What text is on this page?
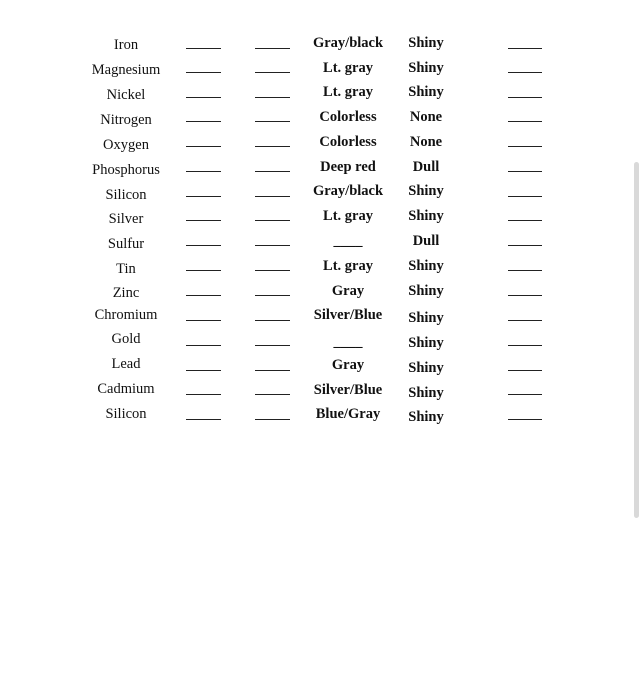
Iron	Gray/black	Shiny
Magnesium	Lt. gray	Shiny
Nickel	Lt. gray	Shiny
Nitrogen	Colorless	None
Oxygen	Colorless	None
Phosphorus	Deep red	Dull
Silicon	Gray/black	Shiny
Silver	Lt. gray	Shiny
Sulfur	____	Dull
Tin	Lt. gray	Shiny
Zinc	Gray	Shiny
Chromium	Silver/Blue	Shiny
Gold	____	Shiny
Lead	Gray	Shiny
Cadmium	Silver/Blue	Shiny
Silicon	Blue/Gray	Shiny
